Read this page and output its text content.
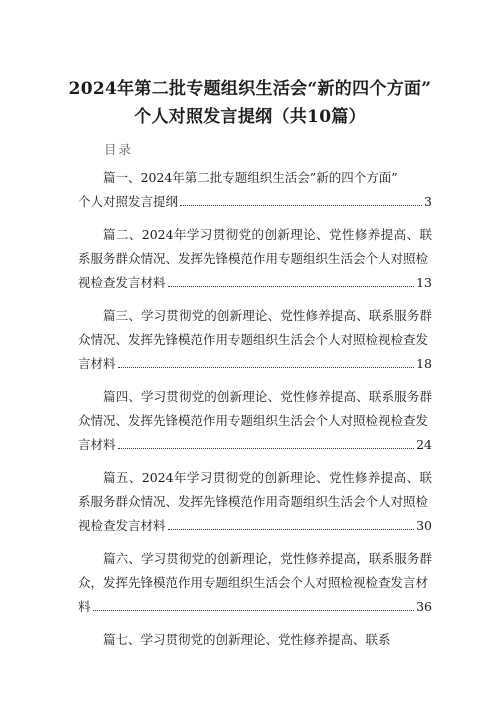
2024年第二批专题组织生活会“新的四个方面”
个人对照发言提纲（共10篇）
目录
篇一、2024年第二批专题组织生活会”新的四个方面”
个人对照发言提纲	3
篇二、2024年学习贯彻党的创新理论、党性修养提高、联系服务群众情况、发挥先锋模范作用专题组织生活会个人对照检
视检查发言材料	13
篇三、学习贯彻党的创新理论、党性修养提高、联系服务群众情况、发挥先锋模范作用专题组织生活会个人对照检视检查发
言材料	18
篇四、学习贯彻党的创新理论、党性修养提高、联系服务群众情况、发挥先锋模范作用专题组织生活会个人对照检视检查发
言材料	24
篇五、2024年学习贯彻党的创新理论、党性修养提高、联系服务群众情况、发挥先锋模范作用奇题组织生活会个人对照检
视检查发言材料	30
篇六、学习贯彻党的创新理论，党性修养提高，联系服务群众，发挥先锋模范作用专题组织生活会个人对照检视检查发言材
料	36
篇七、学习贯彻党的创新理论、党性修养提高、联系
